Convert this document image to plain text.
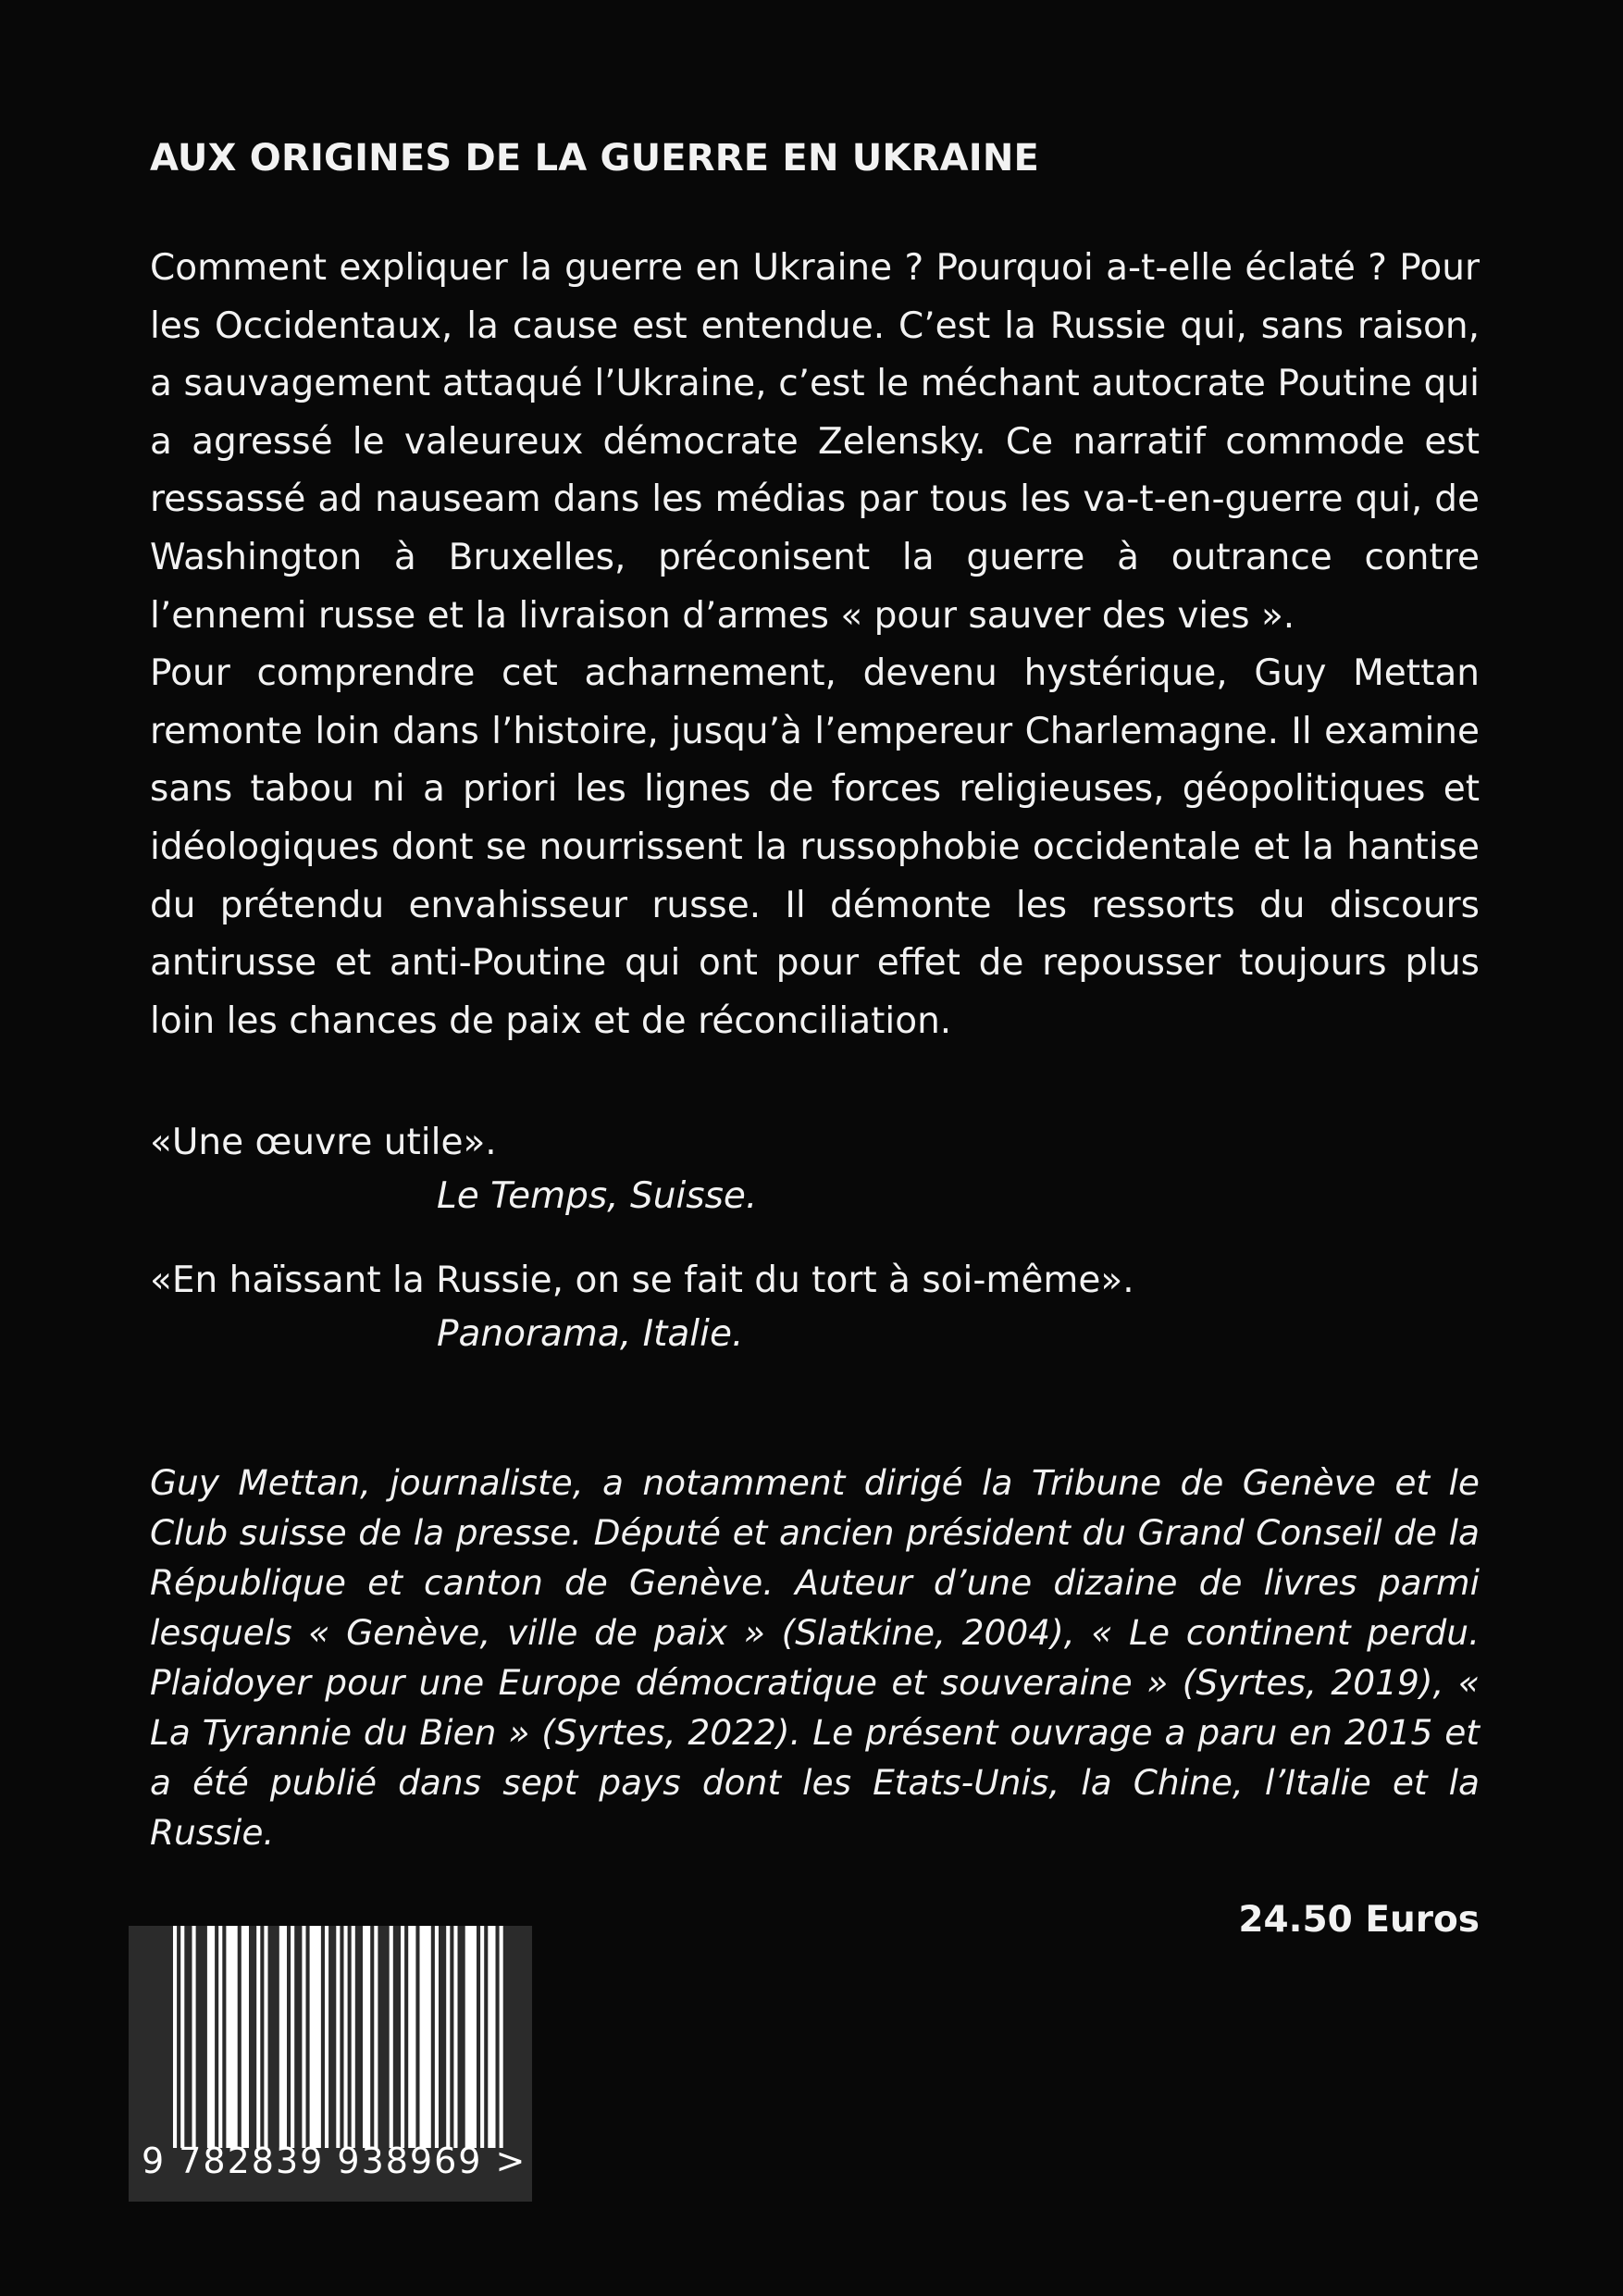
AUX ORIGINES DE LA GUERRE EN UKRAINE

Comment expliquer la guerre en Ukraine ? Pourquoi a-t-elle éclaté ? Pour les Occidentaux, la cause est entendue. C’est la Russie qui, sans raison, a sauvagement attaqué l’Ukraine, c’est le méchant autocrate Poutine qui a agressé le valeureux démocrate Zelensky. Ce narratif commode est ressassé ad nauseam dans les médias par tous les va-t-en-guerre qui, de Washington à Bruxelles, préconisent la guerre à outrance contre l’ennemi russe et la livraison d’armes « pour sauver des vies ».

Pour comprendre cet acharnement, devenu hystérique, Guy Mettan remonte loin dans l’histoire, jusqu’à l’empereur Charlemagne. Il examine sans tabou ni a priori les lignes de forces religieuses, géopolitiques et idéologiques dont se nourrissent la russophobie occidentale et la hantise du prétendu envahisseur russe. Il démonte les ressorts du discours antirusse et anti-Poutine qui ont pour effet de repousser toujours plus loin les chances de paix et de réconciliation.

«Une œuvre utile».
Le Temps, Suisse.
«En haïssant la Russie, on se fait du tort à soi-même».
Panorama, Italie.

Guy Mettan, journaliste, a notamment dirigé la Tribune de Genève et le Club suisse de la presse. Député et ancien président du Grand Conseil de la République et canton de Genève. Auteur d’une dizaine de livres parmi lesquels « Genève, ville de paix » (Slatkine, 2004), « Le continent perdu. Plaidoyer pour une Europe démocratique et souveraine » (Syrtes, 2019), « La Tyrannie du Bien » (Syrtes, 2022). Le présent ouvrage a paru en 2015 et a été publié dans sept pays dont les Etats-Unis, la Chine, l’Italie et la Russie.

24.50 Euros

9 782839 938969 >
